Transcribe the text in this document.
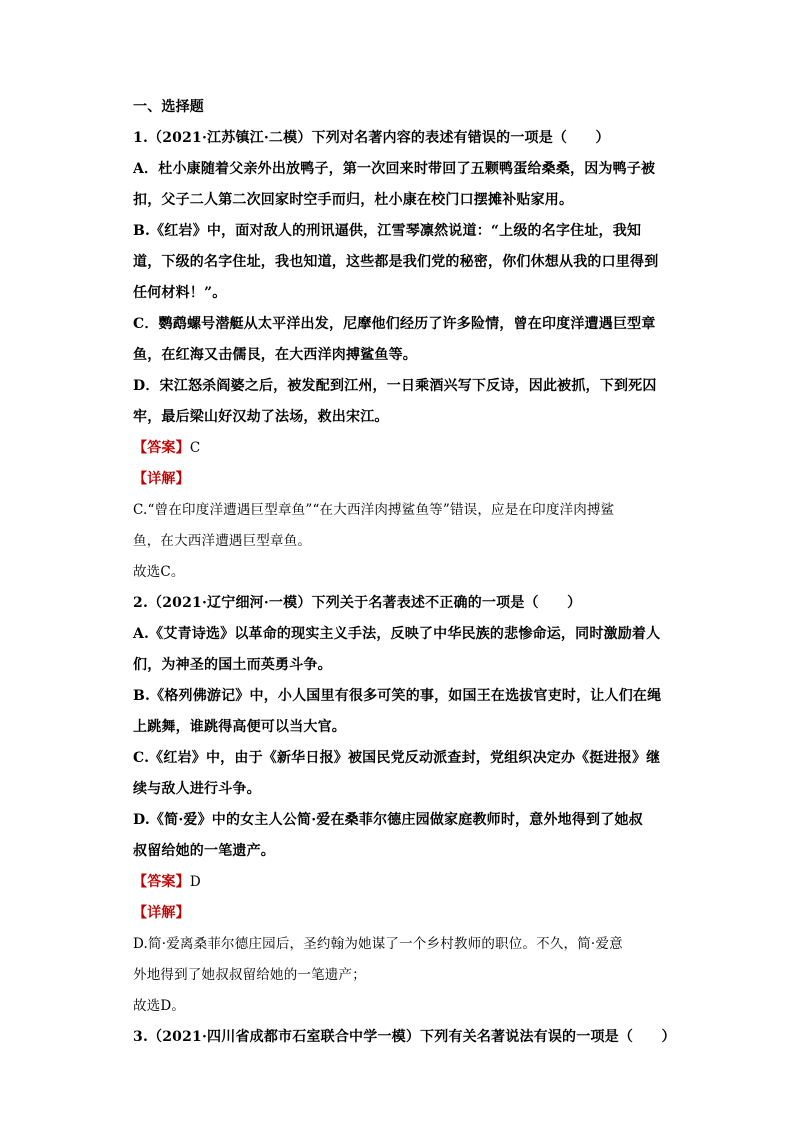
一、选择题
1.（2021·江苏镇江·二模）下列对名著内容的表述有错误的一项是（　　）
A．杜小康随着父亲外出放鸭子，第一次回来时带回了五颗鸭蛋给桑桑，因为鸭子被
扣，父子二人第二次回家时空手而归，杜小康在校门口摆摊补贴家用。
B.《红岩》中，面对敌人的刑讯逼供，江雪琴凛然说道：“上级的名字住址，我知
道，下级的名字住址，我也知道，这些都是我们党的秘密，你们休想从我的口里得到
任何材料！”。
C．鹦鹉螺号潜艇从太平洋出发，尼摩他们经历了许多险情，曾在印度洋遭遇巨型章
鱼，在红海又击儒艮，在大西洋肉搏鲨鱼等。
D．宋江怒杀阎婆之后，被发配到江州，一日乘酒兴写下反诗，因此被抓，下到死囚
牢，最后梁山好汉劫了法场，救出宋江。
【答案】C
【详解】
C.“曾在印度洋遭遇巨型章鱼”“在大西洋肉搏鲨鱼等”错误，应是在印度洋肉搏鲨
鱼，在大西洋遭遇巨型章鱼。
故选C。
2.（2021·辽宁细河·一模）下列关于名著表述不正确的一项是（　　）
A.《艾青诗选》以革命的现实主义手法，反映了中华民族的悲惨命运，同时激励着人
们，为神圣的国土而英勇斗争。
B.《格列佛游记》中，小人国里有很多可笑的事，如国王在选拔官吏时，让人们在绳
上跳舞，谁跳得高便可以当大官。
C.《红岩》中，由于《新华日报》被国民党反动派查封，党组织决定办《挺进报》继
续与敌人进行斗争。
D.《简·爱》中的女主人公简·爱在桑菲尔德庄园做家庭教师时，意外地得到了她叔
叔留给她的一笔遗产。
【答案】D
【详解】
D.简·爱离桑菲尔德庄园后，圣约翰为她谋了一个乡村教师的职位。不久，简·爱意
外地得到了她叔叔留给她的一笔遗产；
故选D。
3.（2021·四川省成都市石室联合中学一模）下列有关名著说法有误的一项是（　　）
